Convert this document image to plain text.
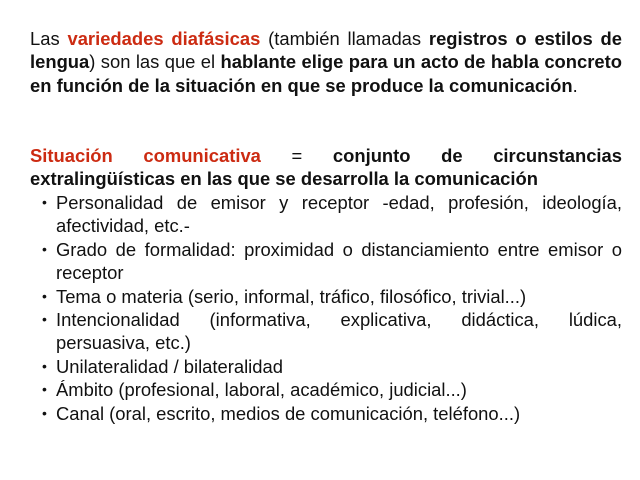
Las variedades diafásicas (también llamadas registros o estilos de lengua) son las que el hablante elige para un acto de habla concreto en función de la situación en que se produce la comunicación.

Situación comunicativa = conjunto de circunstancias extralingüísticas en las que se desarrolla la comunicación

• Personalidad de emisor y receptor -edad, profesión, ideología, afectividad, etc.-
• Grado de formalidad: proximidad o distanciamiento entre emisor o receptor
• Tema o materia (serio, informal, tráfico, filosófico, trivial...)
• Intencionalidad (informativa, explicativa, didáctica, lúdica, persuasiva, etc.)
• Unilateralidad / bilateralidad
• Ámbito (profesional, laboral, académico, judicial...)
• Canal (oral, escrito, medios de comunicación, teléfono...)
